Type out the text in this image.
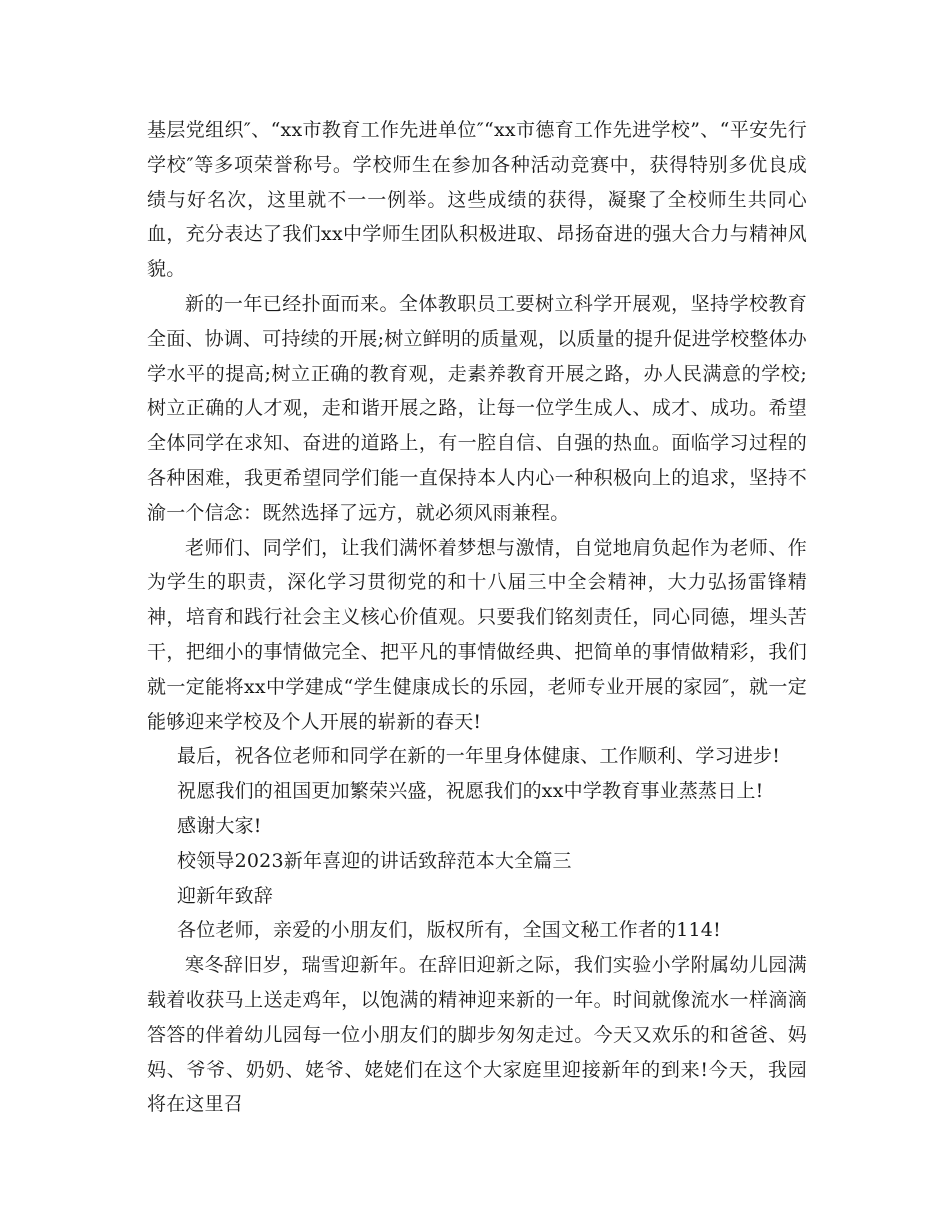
基层党组织″、“xx市教育工作先进单位″“xx市德育工作先进学校”、“平安先行学校″等多项荣誉称号。学校师生在参加各种活动竞赛中，获得特别多优良成绩与好名次，这里就不一一例举。这些成绩的获得，凝聚了全校师生共同心血，充分表达了我们xx中学师生团队积极进取、昂扬奋进的强大合力与精神风貌。

新的一年已经扑面而来。全体教职员工要树立科学开展观，坚持学校教育全面、协调、可持续的开展;树立鲜明的质量观，以质量的提升促进学校整体办学水平的提高;树立正确的教育观，走素养教育开展之路，办人民满意的学校;树立正确的人才观，走和谐开展之路，让每一位学生成人、成才、成功。希望全体同学在求知、奋进的道路上，有一腔自信、自强的热血。面临学习过程的各种困难，我更希望同学们能一直保持本人内心一种积极向上的追求，坚持不渝一个信念：既然选择了远方，就必须风雨兼程。

老师们、同学们，让我们满怀着梦想与激情，自觉地肩负起作为老师、作为学生的职责，深化学习贯彻党的和十八届三中全会精神，大力弘扬雷锋精神，培育和践行社会主义核心价值观。只要我们铭刻责任，同心同德，埋头苦干，把细小的事情做完全、把平凡的事情做经典、把简单的事情做精彩，我们就一定能将xx中学建成“学生健康成长的乐园，老师专业开展的家园″，就一定能够迎来学校及个人开展的崭新的春天!

最后，祝各位老师和同学在新的一年里身体健康、工作顺利、学习进步!

祝愿我们的祖国更加繁荣兴盛，祝愿我们的xx中学教育事业蒸蒸日上!

感谢大家!

校领导2023新年喜迎的讲话致辞范本大全篇三

迎新年致辞

各位老师，亲爱的小朋友们，版权所有，全国文秘工作者的114!

寒冬辞旧岁，瑞雪迎新年。在辞旧迎新之际，我们实验小学附属幼儿园满载着收获马上送走鸡年，以饱满的精神迎来新的一年。时间就像流水一样滴滴答答的伴着幼儿园每一位小朋友们的脚步匆匆走过。今天又欢乐的和爸爸、妈妈、爷爷、奶奶、姥爷、姥姥们在这个大家庭里迎接新年的到来!今天，我园将在这里召
